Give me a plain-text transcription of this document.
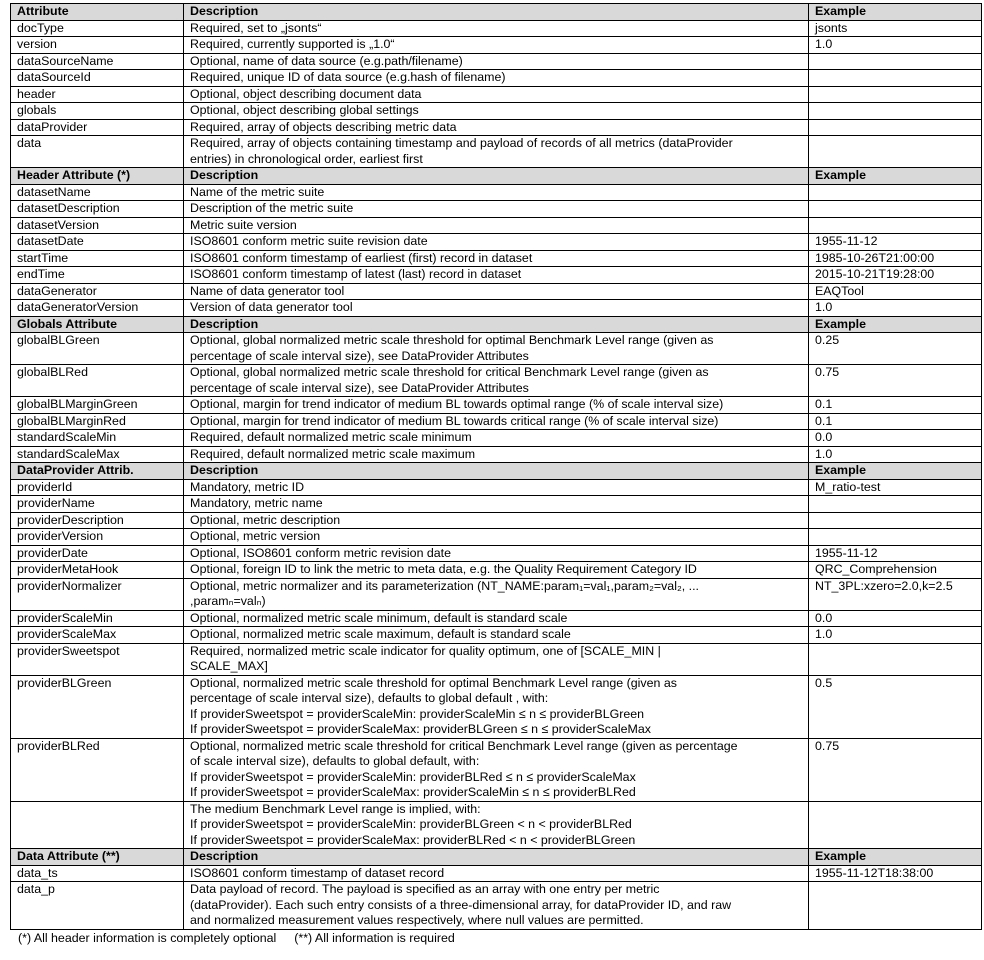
Attribute	Description	Example
docType	Required, set to „jsonts“	jsonts
version	Required, currently supported is „1.0“	1.0
dataSourceName	Optional, name of data source (e.g.path/filename)	

dataSourceId	Required, unique ID of data source (e.g.hash of filename)	

header	Optional, object describing document data	

globals	Optional, object describing global settings	

dataProvider	Required, array of objects describing metric data	

data	Required, array of objects containing timestamp and payload of records of all metrics (dataProvider
entries) in chronological order, earliest first	

Header Attribute (*)	Description	Example
datasetName	Name of the metric suite	

datasetDescription	Description of the metric suite	

datasetVersion	Metric suite version	

datasetDate	ISO8601 conform metric suite revision date	1955-11-12
startTime	ISO8601 conform timestamp of earliest (first) record in dataset	1985-10-26T21:00:00
endTime	ISO8601 conform timestamp of latest (last) record in dataset	2015-10-21T19:28:00
dataGenerator	Name of data generator tool	EAQTool
dataGeneratorVersion	Version of data generator tool	1.0
Globals Attribute	Description	Example
globalBLGreen	Optional, global normalized metric scale threshold for optimal Benchmark Level range (given as
percentage of scale interval size), see DataProvider Attributes	0.25
globalBLRed	Optional, global normalized metric scale threshold for critical Benchmark Level range (given as
percentage of scale interval size), see DataProvider Attributes	0.75
globalBLMarginGreen	Optional, margin for trend indicator of medium BL towards optimal range (% of scale interval size)	0.1
globalBLMarginRed	Optional, margin for trend indicator of medium BL towards critical range (% of scale interval size)	0.1
standardScaleMin	Required, default normalized metric scale minimum	0.0
standardScaleMax	Required, default normalized metric scale maximum	1.0
DataProvider Attrib.	Description	Example
providerId	Mandatory, metric ID	M_ratio-test
providerName	Mandatory, metric name	

providerDescription	Optional, metric description	

providerVersion	Optional, metric version	

providerDate	Optional, ISO8601 conform metric revision date	1955-11-12
providerMetaHook	Optional, foreign ID to link the metric to meta data, e.g. the Quality Requirement Category ID	QRC_Comprehension
providerNormalizer	Optional, metric normalizer and its parameterization (NT_NAME:param₁=val₁,param₂=val₂, ...
,paramₙ=valₙ)	NT_3PL:xzero=2.0,k=2.5
providerScaleMin	Optional, normalized metric scale minimum, default is standard scale	0.0
providerScaleMax	Optional, normalized metric scale maximum, default is standard scale	1.0
providerSweetspot	Required, normalized metric scale indicator for quality optimum, one of [SCALE_MIN |
SCALE_MAX]	

providerBLGreen	Optional, normalized metric scale threshold for optimal Benchmark Level range (given as
percentage of scale interval size), defaults to global default , with:
If providerSweetspot = providerScaleMin: providerScaleMin ≤ n ≤ providerBLGreen
If providerSweetspot = providerScaleMax: providerBLGreen ≤ n ≤ providerScaleMax	0.5
providerBLRed	Optional, normalized metric scale threshold for critical Benchmark Level range (given as percentage
of scale interval size), defaults to global default, with:
If providerSweetspot = providerScaleMin: providerBLRed ≤ n ≤ providerScaleMax
If providerSweetspot = providerScaleMax: providerScaleMin ≤ n ≤ providerBLRed	0.75

	The medium Benchmark Level range is implied, with:
If providerSweetspot = providerScaleMin: providerBLGreen < n < providerBLRed
If providerSweetspot = providerScaleMax: providerBLRed < n < providerBLGreen	

Data Attribute (**)	Description	Example
data_ts	ISO8601 conform timestamp of dataset record	1955-11-12T18:38:00
data_p	Data payload of record. The payload is specified as an array with one entry per metric
(dataProvider). Each such entry consists of a three-dimensional array, for dataProvider ID, and raw
and normalized measurement values respectively, where null values are permitted.	

(*) All header information is completely optional (**) All information is required
